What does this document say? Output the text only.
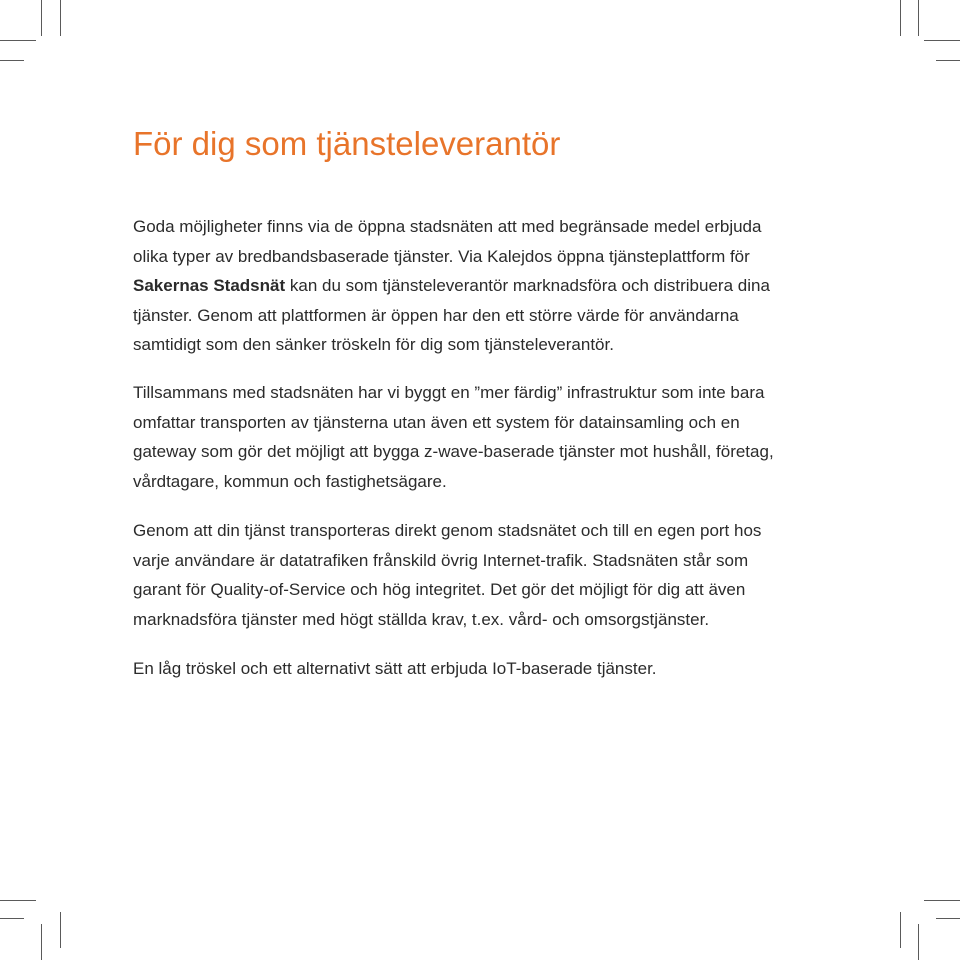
För dig som tjänsteleverantör
Goda möjligheter finns via de öppna stadsnäten att med begränsade medel erbjuda
olika typer av bredbandsbaserade tjänster. Via Kalejdos öppna tjänsteplattform för
Sakernas Stadsnät kan du som tjänsteleverantör marknadsföra och distribuera dina
tjänster. Genom att plattformen är öppen har den ett större värde för användarna
samtidigt som den sänker tröskeln för dig som tjänsteleverantör.
Tillsammans med stadsnäten har vi byggt en ”mer färdig” infrastruktur som inte bara
omfattar transporten av tjänsterna utan även ett system för datainsamling och en
gateway som gör det möjligt att bygga z-wave-baserade tjänster mot hushåll, företag,
vårdtagare, kommun och fastighetsägare.
Genom att din tjänst transporteras direkt genom stadsnätet och till en egen port hos
varje användare är datatrafiken frånskild övrig Internet-trafik. Stadsnäten står som
garant för Quality-of-Service och hög integritet. Det gör det möjligt för dig att även
marknadsföra tjänster med högt ställda krav, t.ex. vård- och omsorgstjänster.
En låg tröskel och ett alternativt sätt att erbjuda IoT-baserade tjänster.
